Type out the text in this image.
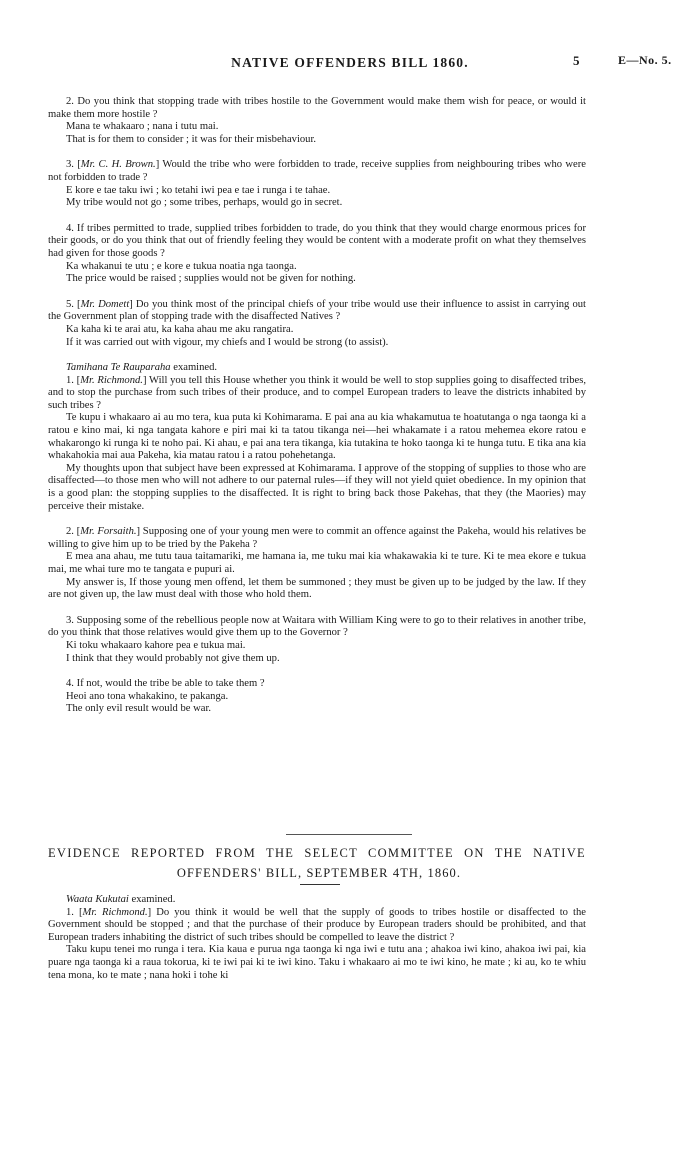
NATIVE OFFENDERS BILL 1860.	5	E—No. 5.

2. Do you think that stopping trade with tribes hostile to the Government would make them wish for peace, or would it make them more hostile ?

Mana te whakaaro ; nana i tutu mai.

That is for them to consider ; it was for their misbehaviour.

3. [Mr. C. H. Brown.] Would the tribe who were forbidden to trade, receive supplies from neighbouring tribes who were not forbidden to trade ?

E kore e tae taku iwi ; ko tetahi iwi pea e tae i runga i te tahae.

My tribe would not go ; some tribes, perhaps, would go in secret.

4. If tribes permitted to trade, supplied tribes forbidden to trade, do you think that they would charge enormous prices for their goods, or do you think that out of friendly feeling they would be content with a moderate profit on what they themselves had given for those goods ?

Ka whakanui te utu ; e kore e tukua noatia nga taonga.

The price would be raised ; supplies would not be given for nothing.

5. [Mr. Domett] Do you think most of the principal chiefs of your tribe would use their influence to assist in carrying out the Government plan of stopping trade with the disaffected Natives ?

Ka kaha ki te arai atu, ka kaha ahau me aku rangatira.

If it was carried out with vigour, my chiefs and I would be strong (to assist).

Tamihana Te Rauparaha examined.

1. [Mr. Richmond.] Will you tell this House whether you think it would be well to stop supplies going to disaffected tribes, and to stop the purchase from such tribes of their produce, and to compel European traders to leave the districts inhabited by such tribes ?

Te kupu i whakaaro ai au mo tera, kua puta ki Kohimarama. E pai ana au kia whakamutua te hoatutanga o nga taonga ki a ratou e kino mai, ki nga tangata kahore e piri mai ki ta tatou tikanga nei—hei whakamate i a ratou mehemea ekore ratou e whakarongo ki runga ki te noho pai. Ki ahau, e pai ana tera tikanga, kia tutakina te hoko taonga ki te hunga tutu. E tika ana kia whakahokia mai aua Pakeha, kia matau ratou i a ratou pohehetanga.

My thoughts upon that subject have been expressed at Kohimarama. I approve of the stopping of supplies to those who are disaffected—to those men who will not adhere to our paternal rules—if they will not yield quiet obedience. In my opinion that is a good plan: the stopping supplies to the disaffected. It is right to bring back those Pakehas, that they (the Maories) may perceive their mistake.

2. [Mr. Forsaith.] Supposing one of your young men were to commit an offence against the Pakeha, would his relatives be willing to give him up to be tried by the Pakeha ?

E mea ana ahau, me tutu taua taitamariki, me hamana ia, me tuku mai kia whakawakia ki te ture. Ki te mea ekore e tukua mai, me whai ture mo te tangata e pupuri ai.

My answer is, If those young men offend, let them be summoned ; they must be given up to be judged by the law. If they are not given up, the law must deal with those who hold them.

3. Supposing some of the rebellious people now at Waitara with William King were to go to their relatives in another tribe, do you think that those relatives would give them up to the Governor ?

Ki toku whakaaro kahore pea e tukua mai.

I think that they would probably not give them up.

4. If not, would the tribe be able to take them ?

Heoi ano tona whakakino, te pakanga.

The only evil result would be war.

EVIDENCE REPORTED FROM THE SELECT COMMITTEE ON THE NATIVE
OFFENDERS' BILL, SEPTEMBER 4TH, 1860.

Waata Kukutai examined.

1. [Mr. Richmond.] Do you think it would be well that the supply of goods to tribes hostile or disaffected to the Government should be stopped ; and that the purchase of their produce by European traders should be prohibited, and that European traders inhabiting the district of such tribes should be compelled to leave the district ?

Taku kupu tenei mo runga i tera. Kia kaua e purua nga taonga ki nga iwi e tutu ana ; ahakoa iwi kino, ahakoa iwi pai, kia puare nga taonga ki a raua tokorua, ki te iwi pai ki te iwi kino. Taku i whakaaro ai mo te iwi kino, he mate ; ki au, ko te whiu tena mona, ko te mate ; nana hoki i tohe ki
